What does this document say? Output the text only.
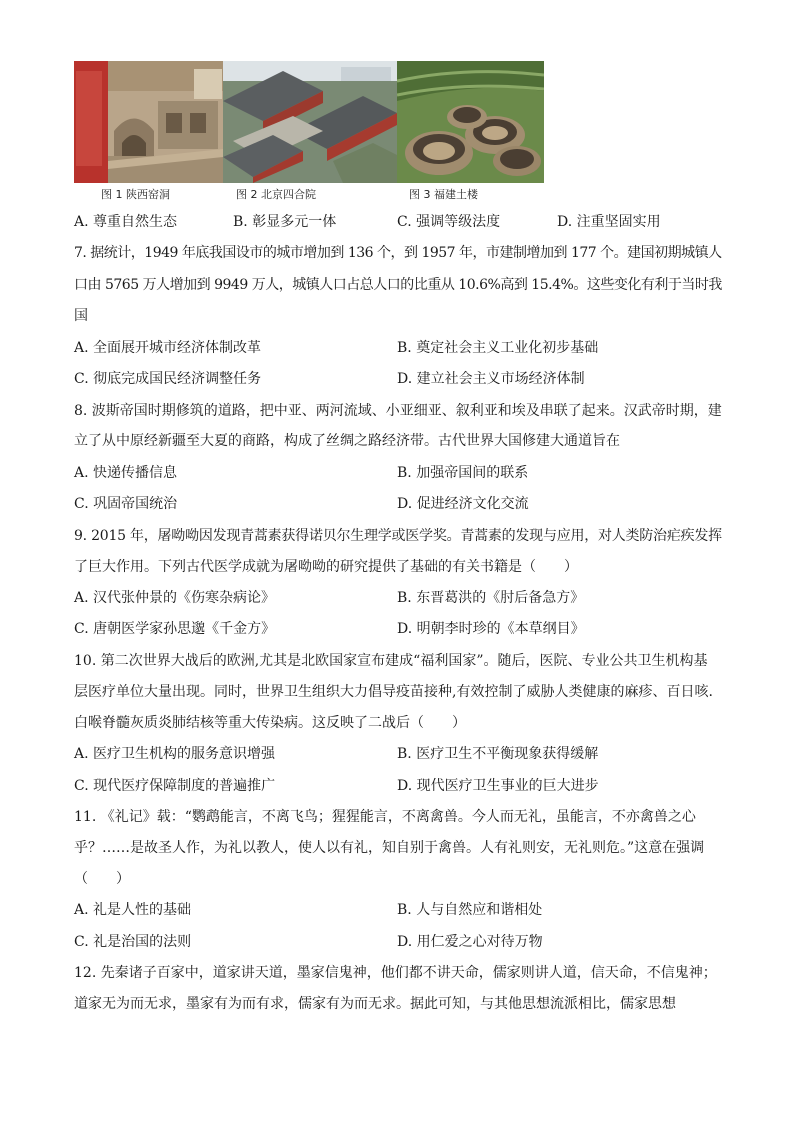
图 1 陕西窑洞	图 2 北京四合院	图 3 福建土楼
A. 尊重自然生态	B. 彰显多元一体	C. 强调等级法度	D. 注重坚固实用
7. 据统计，1949 年底我国设市的城市增加到 136 个，到 1957 年，市建制增加到 177 个。建国初期城镇人
口由 5765 万人增加到 9949 万人，城镇人口占总人口的比重从 10.6%高到 15.4%。这些变化有利于当时我
国
A. 全面展开城市经济体制改革	B. 奠定社会主义工业化初步基础
C. 彻底完成国民经济调整任务	D. 建立社会主义市场经济体制
8. 波斯帝国时期修筑的道路，把中亚、两河流域、小亚细亚、叙利亚和埃及串联了起来。汉武帝时期，建
立了从中原经新疆至大夏的商路，构成了丝绸之路经济带。古代世界大国修建大通道旨在
A. 快递传播信息	B. 加强帝国间的联系
C. 巩固帝国统治	D. 促进经济文化交流
9. 2015 年，屠呦呦因发现青蒿素获得诺贝尔生理学或医学奖。青蒿素的发现与应用，对人类防治疟疾发挥
了巨大作用。下列古代医学成就为屠呦呦的研究提供了基础的有关书籍是（　　）
A. 汉代张仲景的《伤寒杂病论》	B. 东晋葛洪的《肘后备急方》
C. 唐朝医学家孙思邈《千金方》	D. 明朝李时珍的《本草纲目》
10. 第二次世界大战后的欧洲,尤其是北欧国家宣布建成“福利国家”。随后，医院、专业公共卫生机构基
层医疗单位大量出现。同时，世界卫生组织大力倡导疫苗接种,有效控制了威胁人类健康的麻疹、百日咳.
白喉脊髓灰质炎肺结核等重大传染病。这反映了二战后（　　）
A. 医疗卫生机构的服务意识增强	B. 医疗卫生不平衡现象获得缓解
C. 现代医疗保障制度的普遍推广	D. 现代医疗卫生事业的巨大进步
11. 《礼记》载：“鹦鹉能言，不离飞鸟；猩猩能言，不离禽兽。今人而无礼，虽能言，不亦禽兽之心
乎？……是故圣人作，为礼以教人，使人以有礼，知自别于禽兽。人有礼则安，无礼则危。”这意在强调
（　　）
A. 礼是人性的基础	B. 人与自然应和谐相处
C. 礼是治国的法则	D. 用仁爱之心对待万物
12. 先秦诸子百家中，道家讲天道，墨家信鬼神，他们都不讲天命，儒家则讲人道，信天命，不信鬼神；
道家无为而无求，墨家有为而有求，儒家有为而无求。据此可知，与其他思想流派相比，儒家思想
